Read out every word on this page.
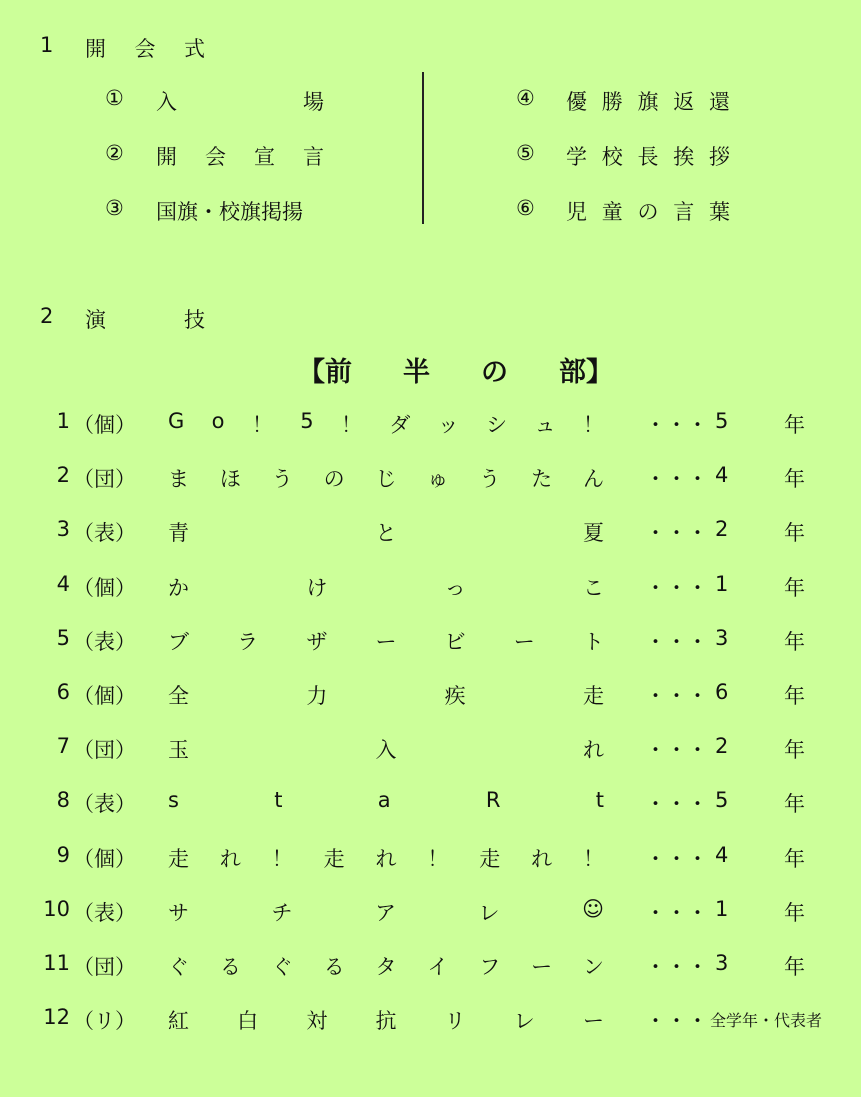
1 開 会 式
① 入	場
② 開 会 宣 言
③ 国旗・校旗掲揚
④ 優 勝 旗 返 還
⑤ 学 校 長 挨 拶
⑥ 児 童 の 言 葉
2 演	技
【前 半 の 部】
1 （個） G o ！ 5 ！ ダ ッ シ ュ ！ ・・・ 5	年
2 （団） ま ほ う の じ ゅ う た ん ・・・ 4	年
3 （表） 青	と	夏 ・・・ 2	年
4 （個） か	け	っ	こ ・・・ 1	年
5 （表） ブ ラ ザ ー ビ ー ト ・・・ 3	年
6 （個） 全	力	疾	走 ・・・ 6	年
7 （団） 玉	入	れ ・・・ 2	年
8 （表） s	t	a	R	t ・・・ 5	年
9 （個） 走 れ ！ 走 れ ！ 走 れ ！ ・・・ 4	年
10 （表） サ	チ	ア	レ	☺ ・・・ 1	年
11 （団） ぐ る ぐ る タ イ フ ー ン ・・・ 3	年
12 （リ） 紅 白 対 抗 リ レ ー ・・・ 全学年・代表者
